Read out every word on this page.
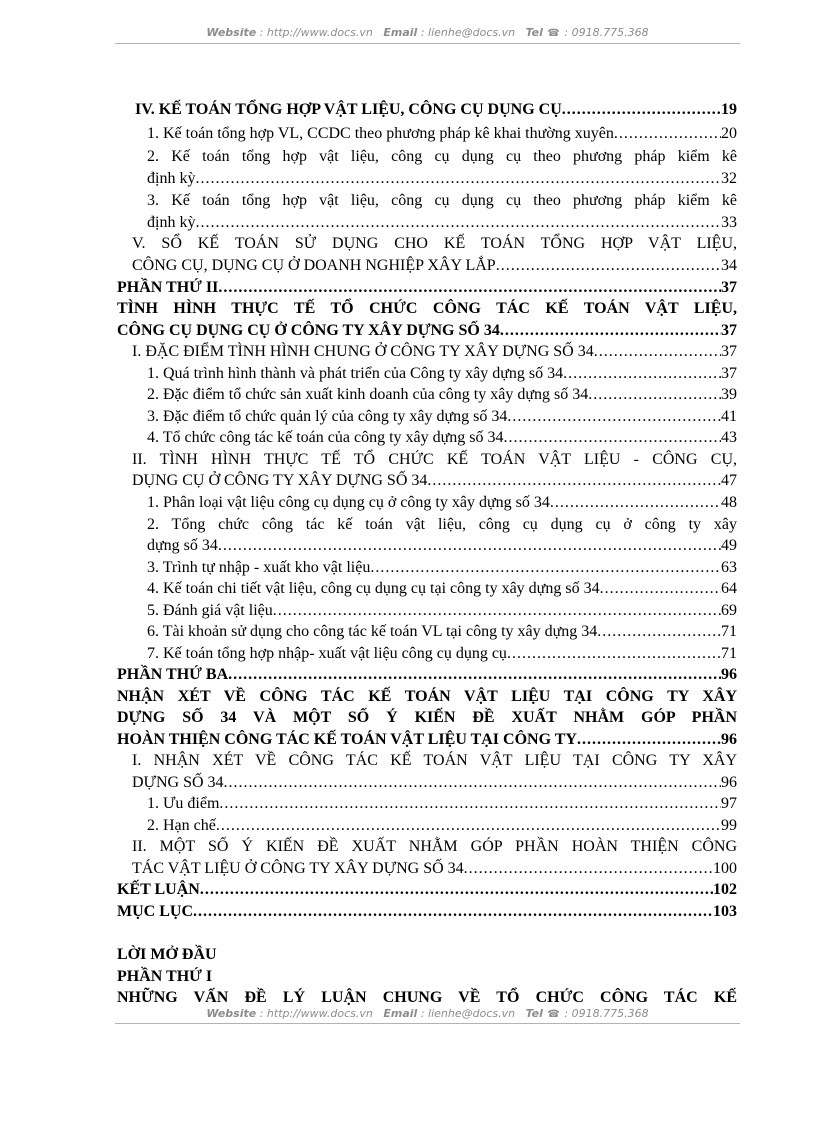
Website : http://www.docs.vn Email : lienhe@docs.vn Tel ☎ : 0918.775.368
IV. KẾ TOÁN TỔNG HỢP VẬT LIỆU, CÔNG CỤ DỤNG CỤ .....	19
1. Kế toán tổng hợp VL, CCDC theo phương pháp kê khai thường xuyên .....	20
2. Kế toán tổng hợp vật liệu, công cụ dụng cụ theo phương pháp kiểm kê
định kỳ .....	32
3. Kế toán tổng hợp vật liệu, công cụ dụng cụ theo phương pháp kiểm kê
định kỳ .....	33
V. SỔ KẾ TOÁN SỬ DỤNG CHO KẾ TOÁN TỔNG HỢP VẬT LIỆU,
CÔNG CỤ, DỤNG CỤ Ở DOANH NGHIỆP XÂY LẮP .....	34
PHẦN THỨ II .....	37
TÌNH HÌNH THỰC TẾ TỔ CHỨC CÔNG TÁC KẾ TOÁN VẬT LIỆU,
CÔNG CỤ DỤNG CỤ Ở CÔNG TY XÂY DỰNG SỐ 34 .....	37
I. ĐẶC ĐIỂM TÌNH HÌNH CHUNG Ở CÔNG TY XÂY DỰNG SỐ 34 .....	37
1. Quá trình hình thành và phát triển của Công ty xây dựng số 34 .....	37
2. Đặc điểm tổ chức sản xuất kinh doanh của công ty xây dựng số 34 .....	39
3. Đặc điểm tổ chức quản lý của công ty xây dựng số 34 .....	41
4. Tổ chức công tác kế toán của công ty xây dựng số 34 .....	43
II. TÌNH HÌNH THỰC TẾ TỔ CHỨC KẾ TOÁN VẬT LIỆU - CÔNG CỤ,
DỤNG CỤ Ở CÔNG TY XÂY DỰNG SỐ 34 .....	47
1. Phân loại vật liệu công cụ dụng cụ ở công ty xây dựng số 34 .....	48
2. Tổng chức công tác kế toán vật liệu, công cụ dụng cụ ở công ty xây
dựng số 34 .....	49
3. Trình tự nhập - xuất kho vật liệu .....	63
4. Kế toán chi tiết vật liệu, công cụ dụng cụ tại công ty xây dựng số 34 .....	64
5. Đánh giá vật liệu .....	69
6. Tài khoản sử dụng cho công tác kế toán VL tại công ty xây dựng 34 .....	71
7. Kế toán tổng hợp nhập- xuất vật liệu công cụ dụng cụ .....	71
PHẦN THỨ BA .....	96
NHẬN XÉT VỀ CÔNG TÁC KẾ TOÁN VẬT LIỆU TẠI CÔNG TY XÂY
DỰNG SỐ 34 VÀ MỘT SỐ Ý KIẾN ĐỀ XUẤT NHẰM GÓP PHẦN
HOÀN THIỆN CÔNG TÁC KẾ TOÁN VẬT LIỆU TẠI CÔNG TY .....	96
I. NHẬN XÉT VỀ CÔNG TÁC KẾ TOÁN VẬT LIỆU TẠI CÔNG TY XÂY
DỰNG SỐ 34 .....	96
1. Ưu điểm .....	97
2. Hạn chế .....	99
II. MỘT SỐ Ý KIẾN ĐỀ XUẤT NHẰM GÓP PHẦN HOÀN THIỆN CÔNG
TÁC VẬT LIỆU Ở CÔNG TY XÂY DỰNG SỐ 34 .....	100
KẾT LUẬN .....	102
MỤC LỤC .....	103
LỜI MỞ ĐẦU
PHẦN THỨ I
NHỮNG VẤN ĐỀ LÝ LUẬN CHUNG VỀ TỔ CHỨC CÔNG TÁC KẾ
Website : http://www.docs.vn Email : lienhe@docs.vn Tel ☎ : 0918.775.368
